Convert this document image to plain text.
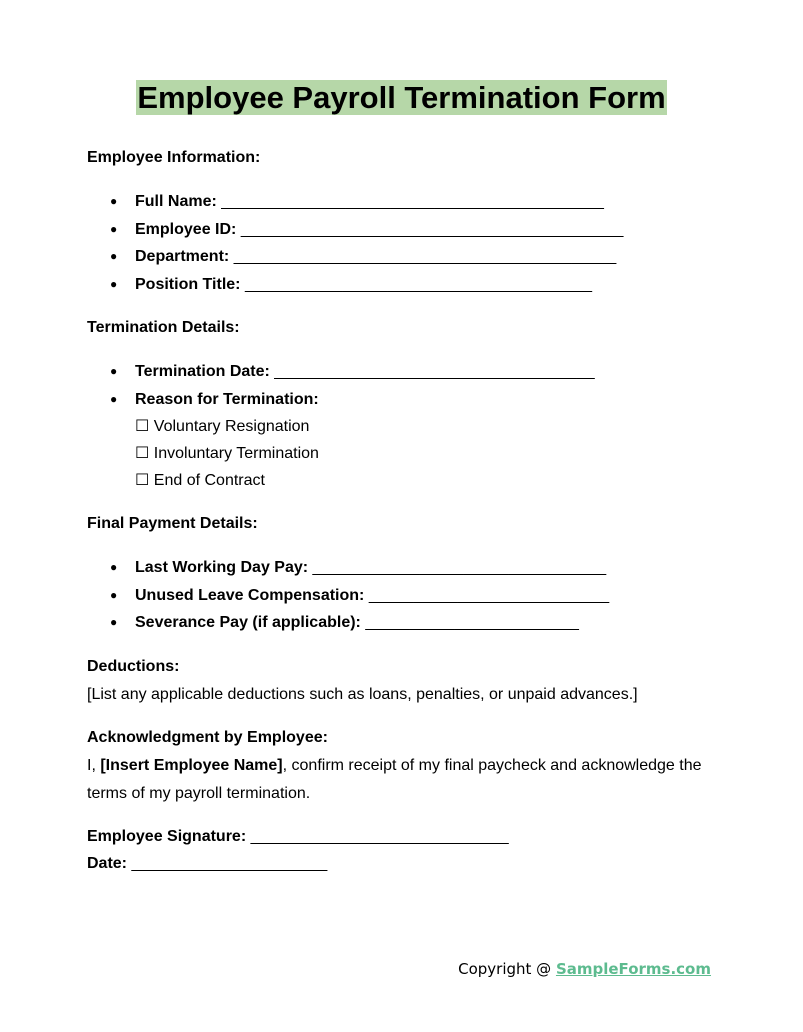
Employee Payroll Termination Form
Employee Information:
● Full Name: ___________________________________________
● Employee ID: ___________________________________________
● Department: ___________________________________________
● Position Title: _______________________________________
Termination Details:
● Termination Date: ____________________________________
● Reason for Termination:
☐ Voluntary Resignation
☐ Involuntary Termination
☐ End of Contract
Final Payment Details:
● Last Working Day Pay: _________________________________
● Unused Leave Compensation: ___________________________
● Severance Pay (if applicable): ________________________
Deductions:
[List any applicable deductions such as loans, penalties, or unpaid advances.]
Acknowledgment by Employee:
I, [Insert Employee Name], confirm receipt of my final paycheck and acknowledge the terms of my payroll termination.
Employee Signature: _____________________________
Date: ______________________
Copyright @ SampleForms.com
